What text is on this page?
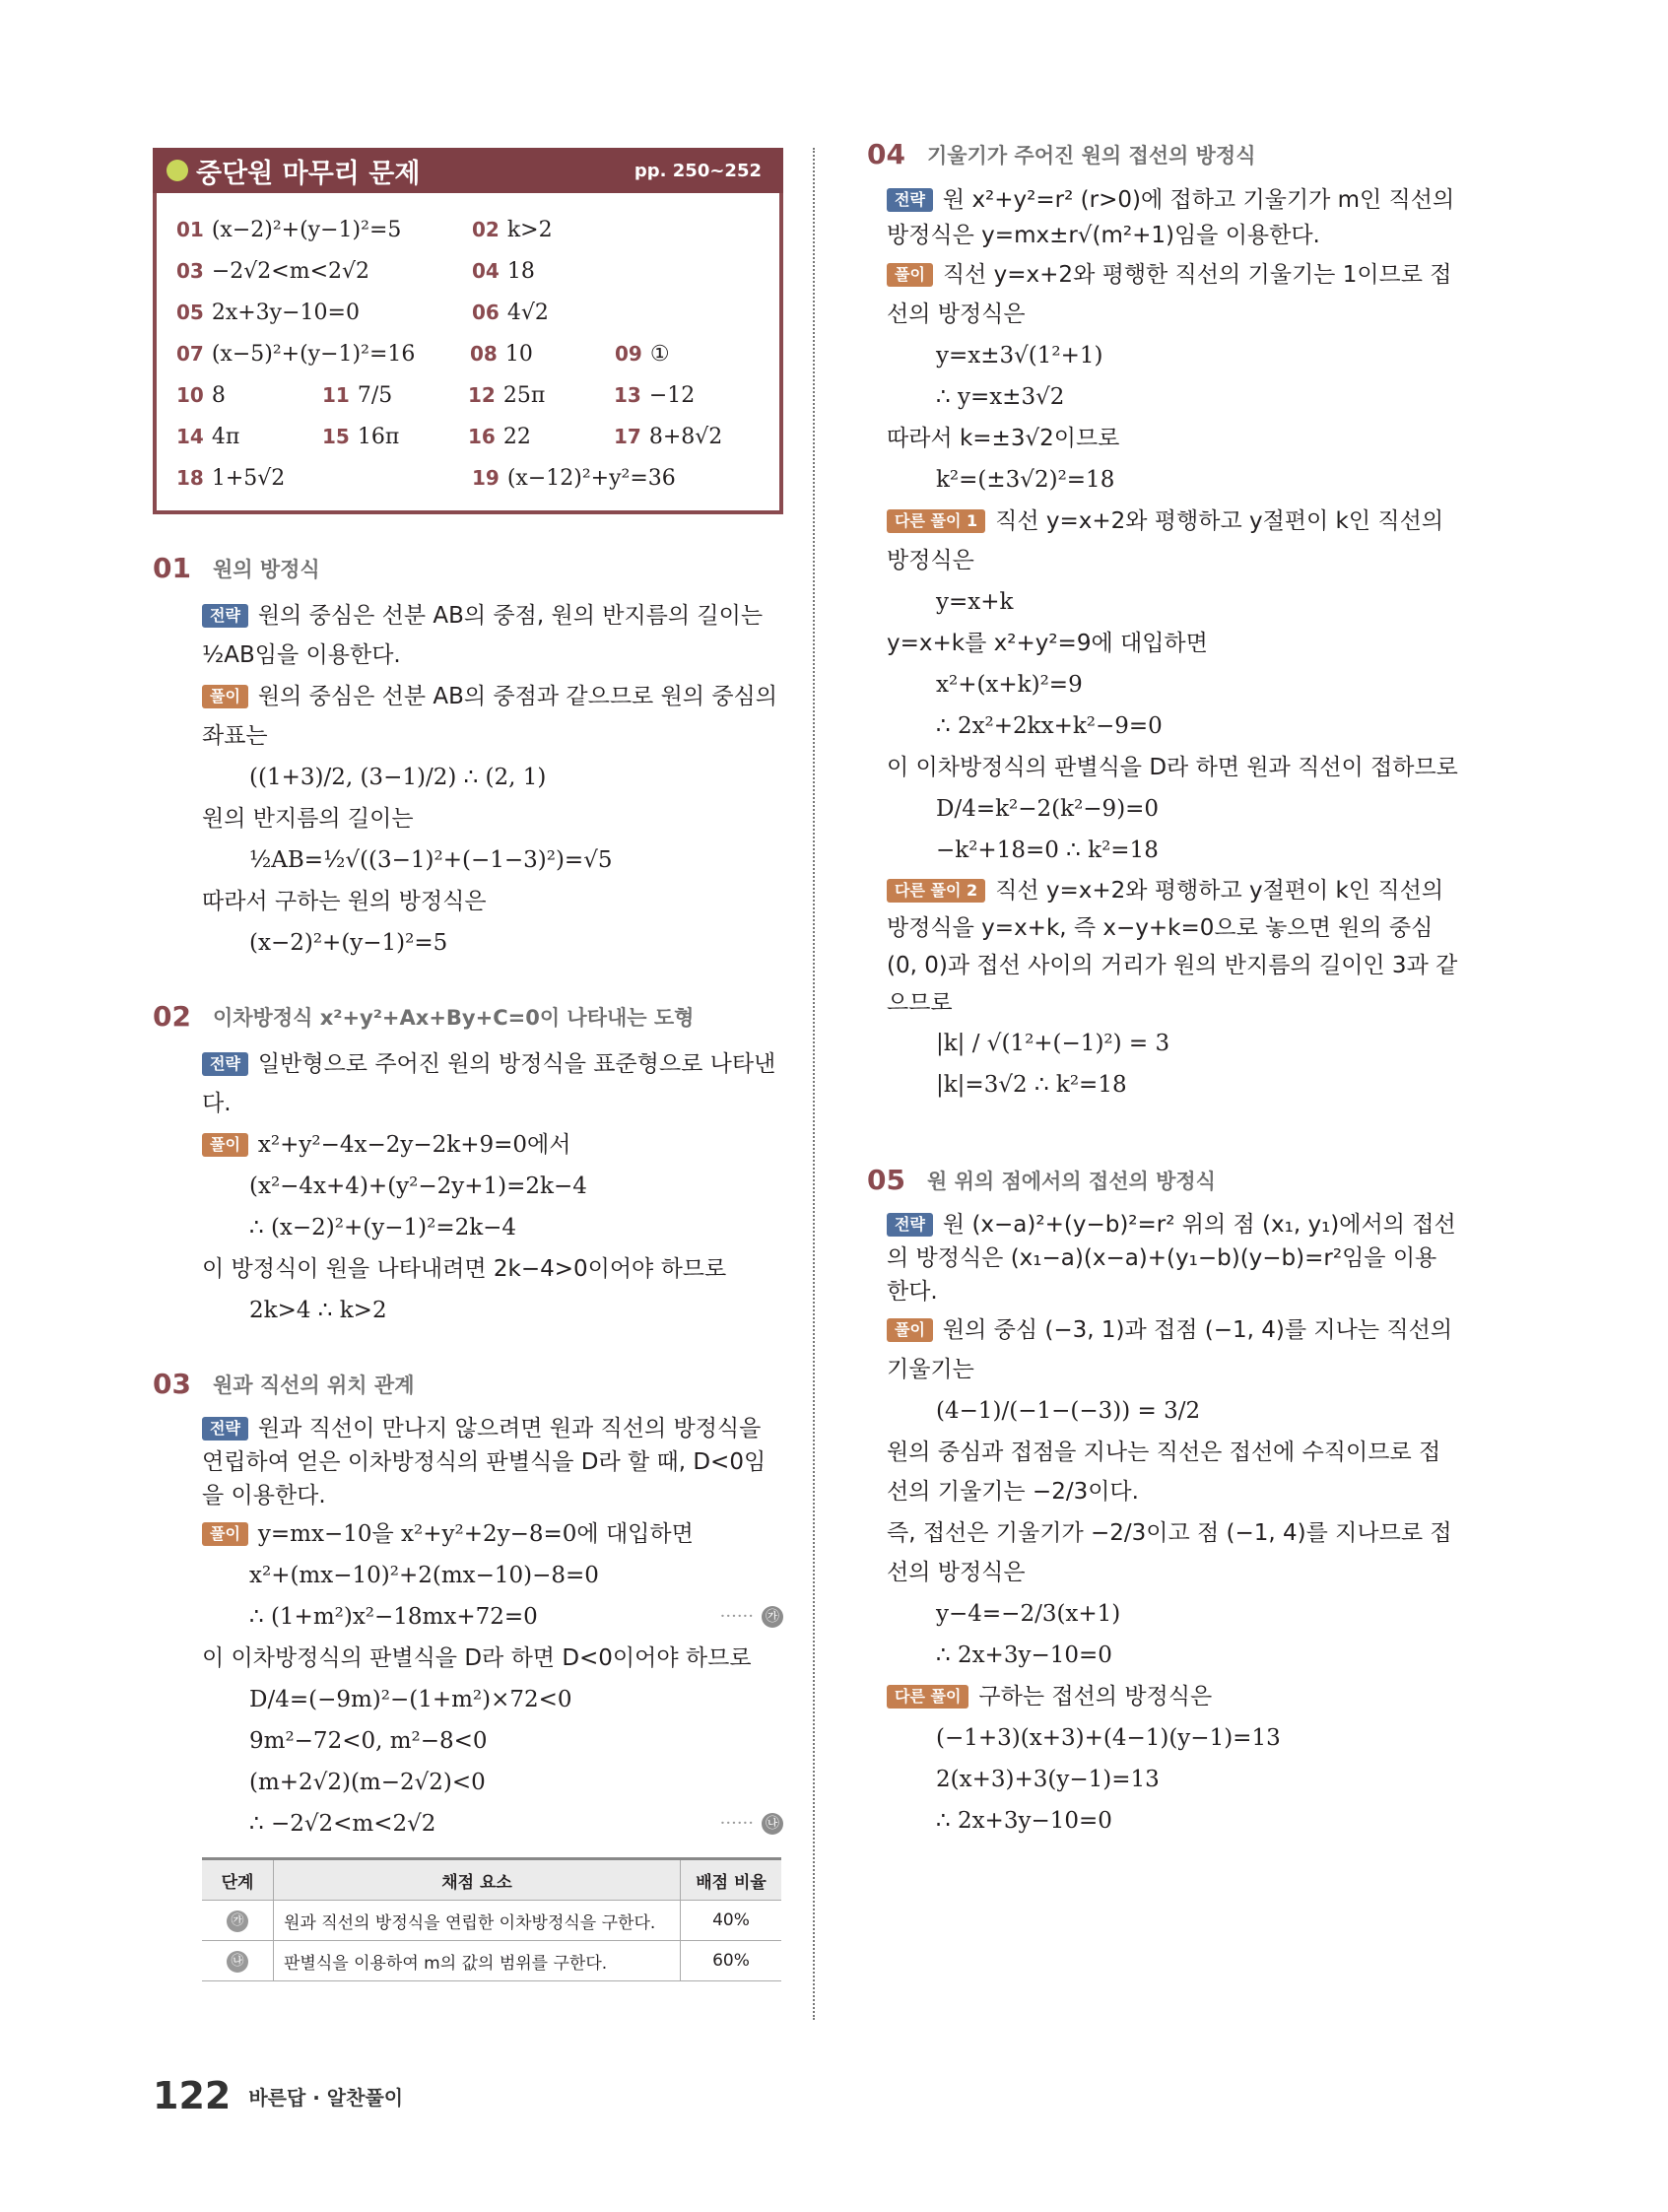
중단원 마무리 문제	pp. 250~252
01 (x−2)²+(y−1)²=5	02 k>2
03 −2√2<m<2√2	04 18
05 2x+3y−10=0	06 4√2
07 (x−5)²+(y−1)²=16	08 10	09 ①
10 8	11 7/5	12 25π	13 −12
14 4π	15 16π	16 22	17 8+8√2
18 1+5√2	19 (x−12)²+y²=36
01 원의 방정식
전략 원의 중심은 선분 AB의 중점, 원의 반지름의 길이는 ½AB임을 이용한다.
풀이 원의 중심은 선분 AB의 중점과 같으므로 원의 중심의 좌표는
((1+3)/2, (3−1)/2) ∴ (2, 1)
원의 반지름의 길이는
½AB=½√((3−1)²+(−1−3)²)=√5
따라서 구하는 원의 방정식은
(x−2)²+(y−1)²=5
02 이차방정식 x²+y²+Ax+By+C=0이 나타내는 도형
전략 일반형으로 주어진 원의 방정식을 표준형으로 나타낸다.
풀이 x²+y²−4x−2y−2k+9=0에서
(x²−4x+4)+(y²−2y+1)=2k−4
∴ (x−2)²+(y−1)²=2k−4
이 방정식이 원을 나타내려면 2k−4>0이어야 하므로
2k>4 ∴ k>2
03 원과 직선의 위치 관계
전략 원과 직선이 만나지 않으려면 원과 직선의 방정식을 연립하여 얻은 이차방정식의 판별식을 D라 할 때, D<0임을 이용한다.
풀이 y=mx−10을 x²+y²+2y−8=0에 대입하면
x²+(mx−10)²+2(mx−10)−8=0
∴ (1+m²)x²−18mx+72=0	㉮
······
이 이차방정식의 판별식을 D라 하면 D<0이어야 하므로
D/4=(−9m)²−(1+m²)×72<0
9m²−72<0, m²−8<0
(m+2√2)(m−2√2)<0
∴ −2√2<m<2√2	㉯
······
단계	채점 요소	배점 비율
㉮	원과 직선의 방정식을 연립한 이차방정식을 구한다.	40%
㉯	판별식을 이용하여 m의 값의 범위를 구한다.	60%
04 기울기가 주어진 원의 접선의 방정식
전략 원 x²+y²=r² (r>0)에 접하고 기울기가 m인 직선의 방정식은 y=mx±r√(m²+1)임을 이용한다.
풀이 직선 y=x+2와 평행한 직선의 기울기는 1이므로 접선의 방정식은
y=x±3√(1²+1)
∴ y=x±3√2
따라서 k=±3√2이므로
k²=(±3√2)²=18
다른 풀이 1 직선 y=x+2와 평행하고 y절편이 k인 직선의 방정식은
y=x+k
y=x+k를 x²+y²=9에 대입하면
x²+(x+k)²=9
∴ 2x²+2kx+k²−9=0
이 이차방정식의 판별식을 D라 하면 원과 직선이 접하므로
D/4=k²−2(k²−9)=0
−k²+18=0 ∴ k²=18
다른 풀이 2 직선 y=x+2와 평행하고 y절편이 k인 직선의 방정식을 y=x+k, 즉 x−y+k=0으로 놓으면 원의 중심 (0, 0)과 접선 사이의 거리가 원의 반지름의 길이인 3과 같으므로
|k| / √(1²+(−1)²) = 3
|k|=3√2 ∴ k²=18
05 원 위의 점에서의 접선의 방정식
전략 원 (x−a)²+(y−b)²=r² 위의 점 (x₁, y₁)에서의 접선의 방정식은 (x₁−a)(x−a)+(y₁−b)(y−b)=r²임을 이용한다.
풀이 원의 중심 (−3, 1)과 접점 (−1, 4)를 지나는 직선의 기울기는
(4−1)/(−1−(−3)) = 3/2
원의 중심과 접점을 지나는 직선은 접선에 수직이므로 접선의 기울기는 −2/3이다.
즉, 접선은 기울기가 −2/3이고 점 (−1, 4)를 지나므로 접선의 방정식은
y−4=−2/3(x+1)
∴ 2x+3y−10=0
다른 풀이 구하는 접선의 방정식은
(−1+3)(x+3)+(4−1)(y−1)=13
2(x+3)+3(y−1)=13
∴ 2x+3y−10=0
122 바른답 · 알찬풀이
